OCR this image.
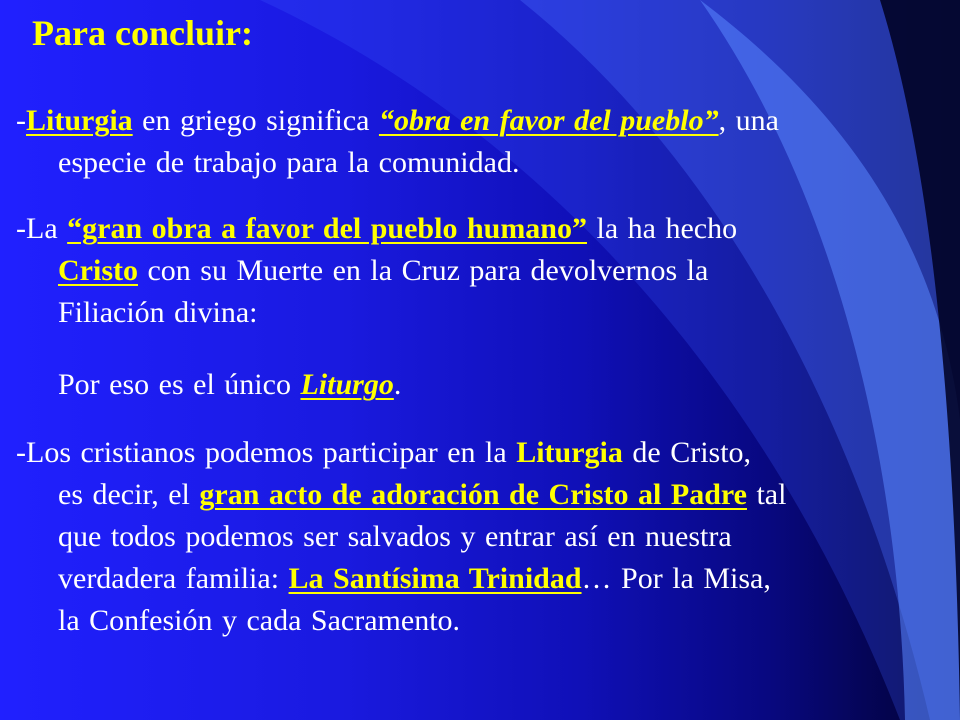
Para concluir:

-Liturgia en griego significa “obra en favor del pueblo”, una
especie de trabajo para la comunidad.

-La “gran obra a favor del pueblo humano” la ha hecho
Cristo con su Muerte en la Cruz para devolvernos la
Filiación divina:

Por eso es el único Liturgo.

-Los cristianos podemos participar en la Liturgia de Cristo,
es decir, el gran acto de adoración de Cristo al Padre tal
que todos podemos ser salvados y entrar así en nuestra
verdadera familia: La Santísima Trinidad… Por la Misa,
la Confesión y cada Sacramento.
